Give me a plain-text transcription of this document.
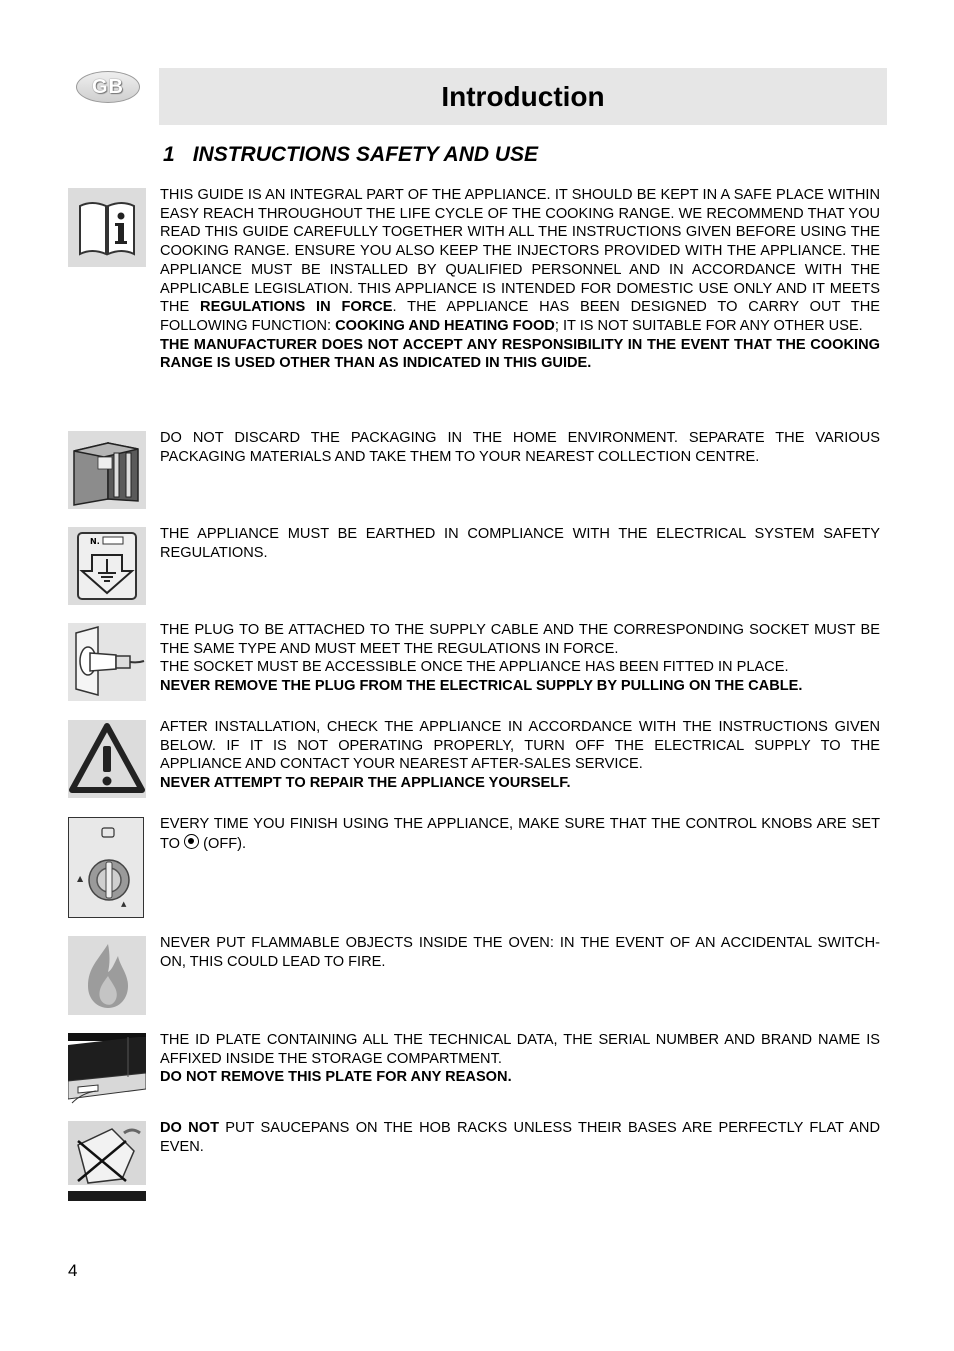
GB	Introduction
1 INSTRUCTIONS SAFETY AND USE

THIS GUIDE IS AN INTEGRAL PART OF THE APPLIANCE. IT SHOULD BE KEPT IN A SAFE PLACE WITHIN EASY REACH THROUGHOUT THE LIFE CYCLE OF THE COOKING RANGE. WE RECOMMEND THAT YOU READ THIS GUIDE CAREFULLY TOGETHER WITH ALL THE INSTRUCTIONS GIVEN BEFORE USING THE COOKING RANGE. ENSURE YOU ALSO KEEP THE INJECTORS PROVIDED WITH THE APPLIANCE. THE APPLIANCE MUST BE INSTALLED BY QUALIFIED PERSONNEL AND IN ACCORDANCE WITH THE APPLICABLE LEGISLATION. THIS APPLIANCE IS INTENDED FOR DOMESTIC USE ONLY AND IT MEETS THE REGULATIONS IN FORCE. THE APPLIANCE HAS BEEN DESIGNED TO CARRY OUT THE FOLLOWING FUNCTION: COOKING AND HEATING FOOD; IT IS NOT SUITABLE FOR ANY OTHER USE.

THE MANUFACTURER DOES NOT ACCEPT ANY RESPONSIBILITY IN THE EVENT THAT THE COOKING RANGE IS USED OTHER THAN AS INDICATED IN THIS GUIDE.

DO NOT DISCARD THE PACKAGING IN THE HOME ENVIRONMENT. SEPARATE THE VARIOUS PACKAGING MATERIALS AND TAKE THEM TO YOUR NEAREST COLLECTION CENTRE.

N.	THE APPLIANCE MUST BE EARTHED IN COMPLIANCE WITH THE ELECTRICAL SYSTEM SAFETY REGULATIONS.

THE PLUG TO BE ATTACHED TO THE SUPPLY CABLE AND THE CORRESPONDING SOCKET MUST BE THE SAME TYPE AND MUST MEET THE REGULATIONS IN FORCE.

THE SOCKET MUST BE ACCESSIBLE ONCE THE APPLIANCE HAS BEEN FITTED IN PLACE.

NEVER REMOVE THE PLUG FROM THE ELECTRICAL SUPPLY BY PULLING ON THE CABLE.

AFTER INSTALLATION, CHECK THE APPLIANCE IN ACCORDANCE WITH THE INSTRUCTIONS GIVEN BELOW. IF IT IS NOT OPERATING PROPERLY, TURN OFF THE ELECTRICAL SUPPLY TO THE APPLIANCE AND CONTACT YOUR NEAREST AFTER-SALES SERVICE.

NEVER ATTEMPT TO REPAIR THE APPLIANCE YOURSELF.

▲
▲

EVERY TIME YOU FINISH USING THE APPLIANCE, MAKE SURE THAT THE CONTROL KNOBS ARE SET TO  (OFF).

NEVER PUT FLAMMABLE OBJECTS INSIDE THE OVEN: IN THE EVENT OF AN ACCIDENTAL SWITCH-ON, THIS COULD LEAD TO FIRE.

THE ID PLATE CONTAINING ALL THE TECHNICAL DATA, THE SERIAL NUMBER AND BRAND NAME IS AFFIXED INSIDE THE STORAGE COMPARTMENT.

DO NOT REMOVE THIS PLATE FOR ANY REASON.

DO NOT PUT SAUCEPANS ON THE HOB RACKS UNLESS THEIR BASES ARE PERFECTLY FLAT AND EVEN.

4
